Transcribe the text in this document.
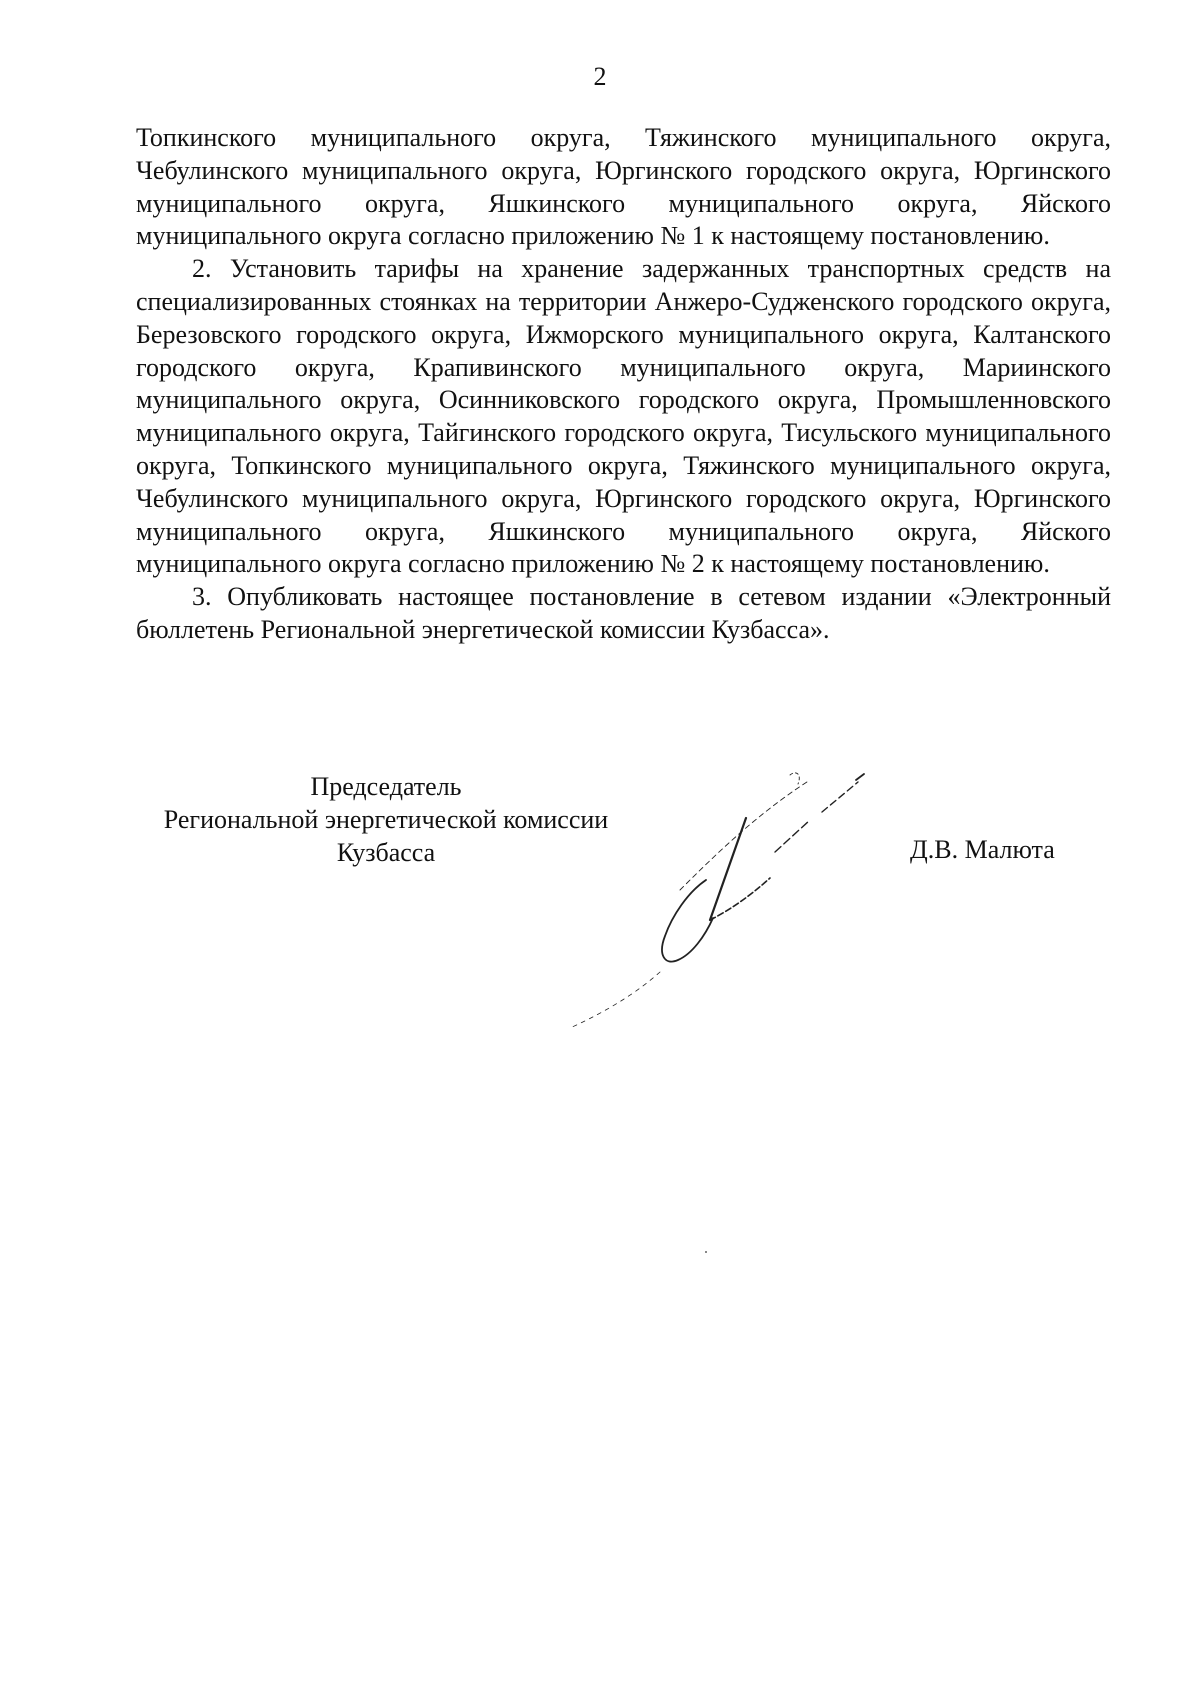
2

Топкинского муниципального округа, Тяжинского муниципального округа, Чебулинского муниципального округа, Юргинского городского округа, Юргинского муниципального округа, Яшкинского муниципального округа, Яйского муниципального округа согласно приложению № 1 к настоящему постановлению.

2. Установить тарифы на хранение задержанных транспортных средств на специализированных стоянках на территории Анжеро-Судженского городского округа, Березовского городского округа, Ижморского муниципального округа, Калтанского городского округа, Крапивинского муниципального округа, Мариинского муниципального округа, Осинниковского городского округа, Промышленновского муниципального округа, Тайгинского городского округа, Тисульского муниципального округа, Топкинского муниципального округа, Тяжинского муниципального округа, Чебулинского муниципального округа, Юргинского городского округа, Юргинского муниципального округа, Яшкинского муниципального округа, Яйского муниципального округа согласно приложению № 2 к настоящему постановлению.

3. Опубликовать настоящее постановление в сетевом издании «Электронный бюллетень Региональной энергетической комиссии Кузбасса».

Председатель
Региональной энергетической комиссии
Кузбасса	Д.В. Малюта
